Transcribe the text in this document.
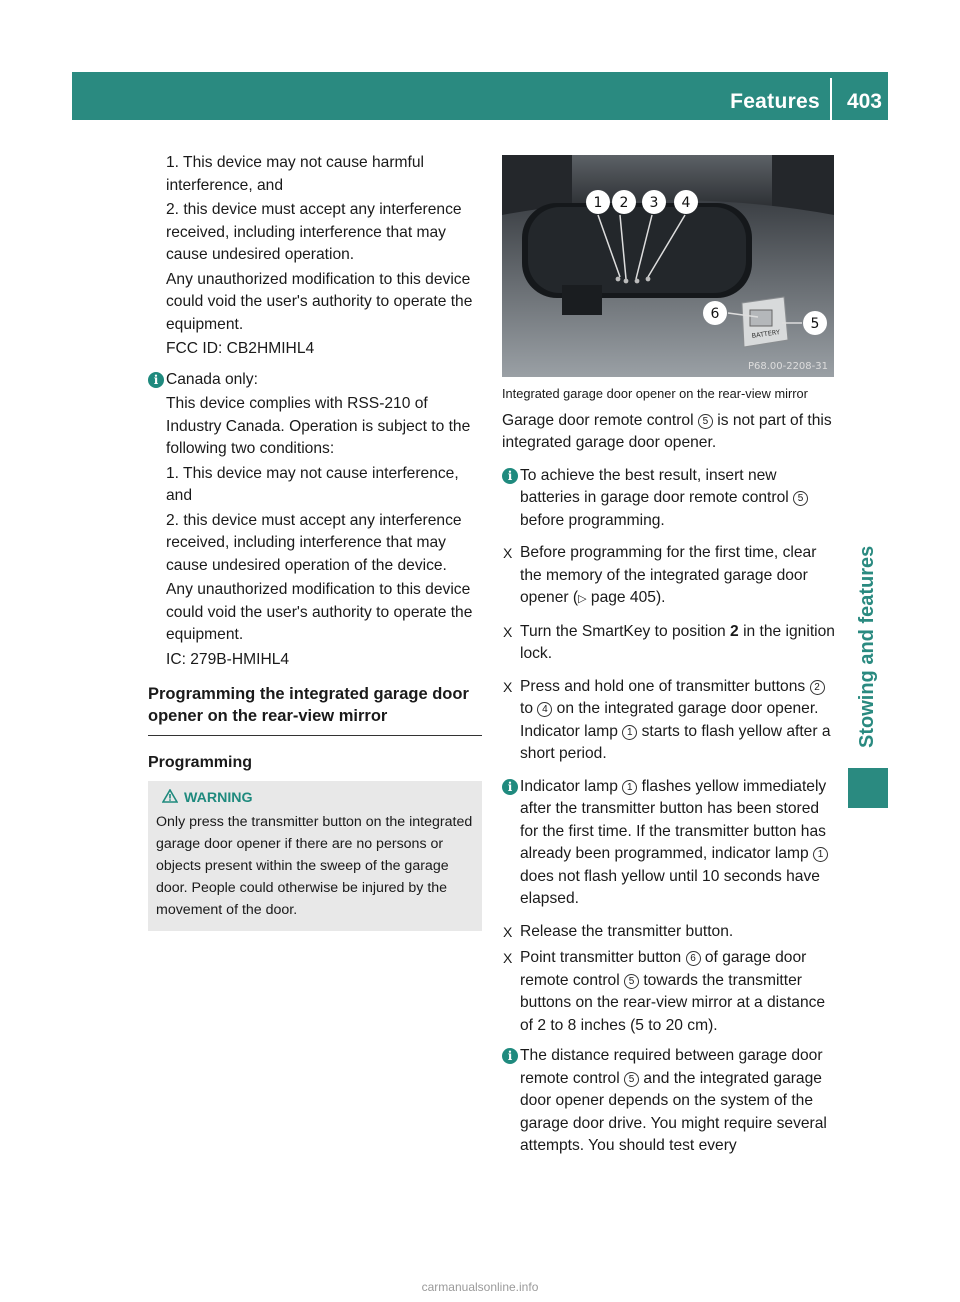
Features 403
Stowing and features

1. This device may not cause harmful interference, and

2. this device must accept any interference received, including interference that may cause undesired operation.

Any unauthorized modification to this device could void the user's authority to operate the equipment.

FCC ID: CB2HMIHL4

i Canada only:

This device complies with RSS-210 of Industry Canada. Operation is subject to the following two conditions:

1. This device may not cause interference, and

2. this device must accept any interference received, including interference that may cause undesired operation of the device.

Any unauthorized modification to this device could void the user's authority to operate the equipment.

IC: 279B-HMIHL4

Programming the integrated garage door opener on the rear-view mirror
Programming
WARNING
Only press the transmitter button on the integrated garage door opener if there are no persons or objects present within the sweep of the garage door. People could otherwise be injured by the movement of the door.
BATTERY
1 2 3 4
6
5
P68.00-2208-31
Integrated garage door opener on the rear-view mirror

Garage door remote control 5 is not part of this integrated garage door opener.

i To achieve the best result, insert new batteries in garage door remote control 5 before programming.
X Before programming for the first time, clear the memory of the integrated garage door opener (▷ page 405).
X Turn the SmartKey to position 2 in the ignition lock.
X Press and hold one of transmitter buttons 2 to 4 on the integrated garage door opener.
Indicator lamp 1 starts to flash yellow after a short period.
i Indicator lamp 1 flashes yellow immediately after the transmitter button has been stored for the first time. If the transmitter button has already been programmed, indicator lamp 1 does not flash yellow until 10 seconds have elapsed.
X Release the transmitter button.
X Point transmitter button 6 of garage door remote control 5 towards the transmitter buttons on the rear-view mirror at a distance of 2 to 8 inches (5 to 20 cm).
i The distance required between garage door remote control 5 and the integrated garage door opener depends on the system of the garage door drive. You might require several attempts. You should test every
carmanualsonline.info
